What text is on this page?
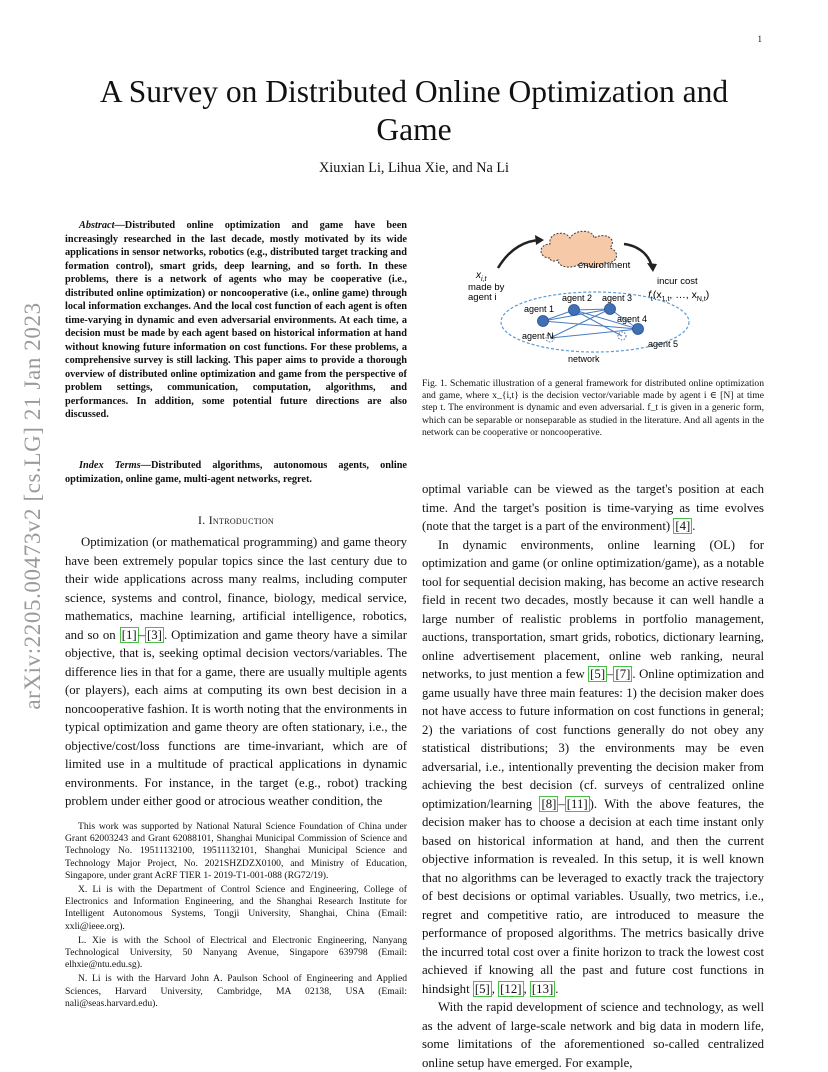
1
arXiv:2205.00473v2 [cs.LG] 21 Jan 2023
A Survey on Distributed Online Optimization and Game
Xiuxian Li, Lihua Xie, and Na Li

Abstract—Distributed online optimization and game have been increasingly researched in the last decade, mostly motivated by its wide applications in sensor networks, robotics (e.g., distributed target tracking and formation control), smart grids, deep learning, and so forth. In these problems, there is a network of agents who may be cooperative (i.e., distributed online optimization) or noncooperative (i.e., online game) through local information exchanges. And the local cost function of each agent is often time-varying in dynamic and even adversarial environments. At each time, a decision must be made by each agent based on historical information at hand without knowing future information on cost functions. For these problems, a comprehensive survey is still lacking. This paper aims to provide a thorough overview of distributed online optimization and game from the perspective of problem settings, communication, computation, algorithms, and performances. In addition, some potential future directions are also discussed.

Index Terms—Distributed algorithms, autonomous agents, online optimization, online game, multi-agent networks, regret.

I. Introduction

Optimization (or mathematical programming) and game theory have been extremely popular topics since the last century due to their wide applications across many realms, including computer science, systems and control, finance, biology, medical service, mathematics, machine learning, artificial intelligence, robotics, and so on [1] – [3] . Optimization and game theory have a similar objective, that is, seeking optimal decision vectors/variables. The difference lies in that for a game, there are usually multiple agents (or players), each aims at computing its own best decision in a noncooperative fashion. It is worth noting that the environments in typical optimization and game theory are often stationary, i.e., the objective/cost/loss functions are time-invariant, which are of limited use in a multitude of practical applications in dynamic environments. For instance, in the target (e.g., robot) tracking problem under either good or atrocious weather condition, the

This work was supported by National Natural Science Foundation of China under Grant 62003243 and Grant 62088101, Shanghai Municipal Commission of Science and Technology No. 19511132100, 19511132101, Shanghai Municipal Science and Technology Major Project, No. 2021SHZDZX0100, and Ministry of Education, Singapore, under grant AcRF TIER 1- 2019-T1-001-088 (RG72/19).

X. Li is with the Department of Control Science and Engineering, College of Electronics and Information Engineering, and the Shanghai Research Institute for Intelligent Autonomous Systems, Tongji University, Shanghai, China (Email: xxli@ieee.org).

L. Xie is with the School of Electrical and Electronic Engineering, Nanyang Technological University, 50 Nanyang Avenue, Singapore 639798 (Email: elhxie@ntu.edu.sg).

N. Li is with the Harvard John A. Paulson School of Engineering and Applied Sciences, Harvard University, Cambridge, MA 02138, USA (Email: nali@seas.harvard.edu).

environment
$x_{i,t}$
made by
agent i
incur cost
$f_t(x_{1,t}$, …, $x_{N,t}$)
agent 1
agent 2 agent 3
agent 4
agent 5
agent N
network

Fig. 1. Schematic illustration of a general framework for distributed online optimization and game, where x_{i,t} is the decision vector/variable made by agent i ∈ [N] at time step t. The environment is dynamic and even adversarial. f_t is given in a generic form, which can be separable or nonseparable as studied in the literature. And all agents in the network can be cooperative or noncooperative.

optimal variable can be viewed as the target's position at each time. And the target's position is time-varying as time evolves (note that the target is a part of the environment) [4] .

In dynamic environments, online learning (OL) for optimization and game (or online optimization/game), as a notable tool for sequential decision making, has become an active research field in recent two decades, mostly because it can well handle a large number of realistic problems in portfolio management, auctions, transportation, smart grids, robotics, dictionary learning, online advertisement placement, online web ranking, neural networks, to just mention a few [5] – [7] . Online optimization and game usually have three main features: 1) the decision maker does not have access to future information on cost functions in general; 2) the variations of cost functions generally do not obey any statistical distributions; 3) the environments may be even adversarial, i.e., intentionally preventing the decision maker from achieving the best decision (cf. surveys of centralized online optimization/learning [8] – [11] ). With the above features, the decision maker has to choose a decision at each time instant only based on historical information at hand, and then the current objective information is revealed. In this setup, it is well known that no algorithms can be leveraged to exactly track the trajectory of best decisions or optimal variables. Usually, two metrics, i.e., regret and competitive ratio, are introduced to measure the performance of proposed algorithms. The metrics basically drive the incurred total cost over a finite horizon to track the lowest cost achieved if knowing all the past and future cost functions in hindsight [5] , [12] , [13] .

With the rapid development of science and technology, as well as the advent of large-scale network and big data in modern life, some limitations of the aforementioned so-called centralized online setup have emerged. For example,
